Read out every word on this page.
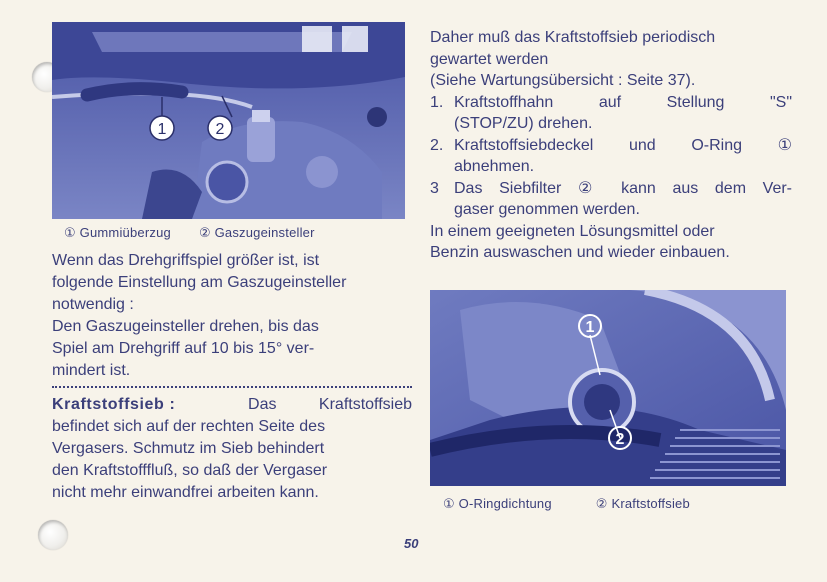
1	2
① Gummiüberzug ② Gaszugeinsteller

Wenn das Drehgriffspiel größer ist, ist

folgende Einstellung am Gaszugeinsteller

notwendig :

Den Gaszugeinsteller drehen, bis das

Spiel am Drehgriff auf 10 bis 15° ver-

mindert ist.

Kraftstoffsieb :	Das Kraftstoffsieb

befindet sich auf der rechten Seite des

Vergasers. Schmutz im Sieb behindert

den Kraftstofffluß, so daß der Vergaser

nicht mehr einwandfrei arbeiten kann.

Daher muß das Kraftstoffsieb periodisch

gewartet werden

(Siehe Wartungsübersicht : Seite 37).

1. Kraftstoffhahn auf Stellung "S"

(STOP/ZU) drehen.

2. Kraftstoffsiebdeckel und O-Ring ①

abnehmen.

3 Das Siebfilter ② kann aus dem Ver-

gaser genommen werden.

In einem geeigneten Lösungsmittel oder

Benzin auswaschen und wieder einbauen.

1
2
① O-Ringdichtung	② Kraftstoffsieb
50
